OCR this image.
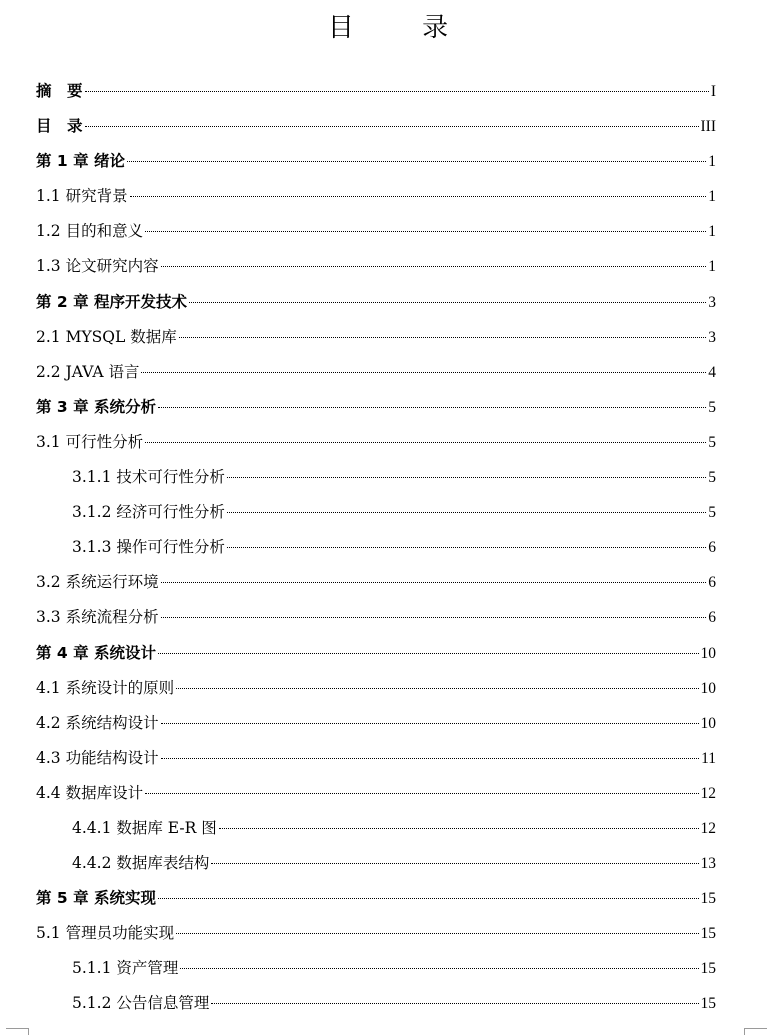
目 录
摘　要	I
目　录	III
第 1 章 绪论	1
1.1 研究背景	1
1.2 目的和意义	1
1.3 论文研究内容	1
第 2 章 程序开发技术	3
2.1 MYSQL 数据库	3
2.2 JAVA 语言	4
第 3 章 系统分析	5
3.1 可行性分析	5
3.1.1 技术可行性分析	5
3.1.2 经济可行性分析	5
3.1.3 操作可行性分析	6
3.2 系统运行环境	6
3.3 系统流程分析	6
第 4 章 系统设计	10
4.1 系统设计的原则	10
4.2 系统结构设计	10
4.3 功能结构设计	11
4.4 数据库设计	12
4.4.1 数据库 E-R 图	12
4.4.2 数据库表结构	13
第 5 章 系统实现	15
5.1 管理员功能实现	15
5.1.1 资产管理	15
5.1.2 公告信息管理	15
